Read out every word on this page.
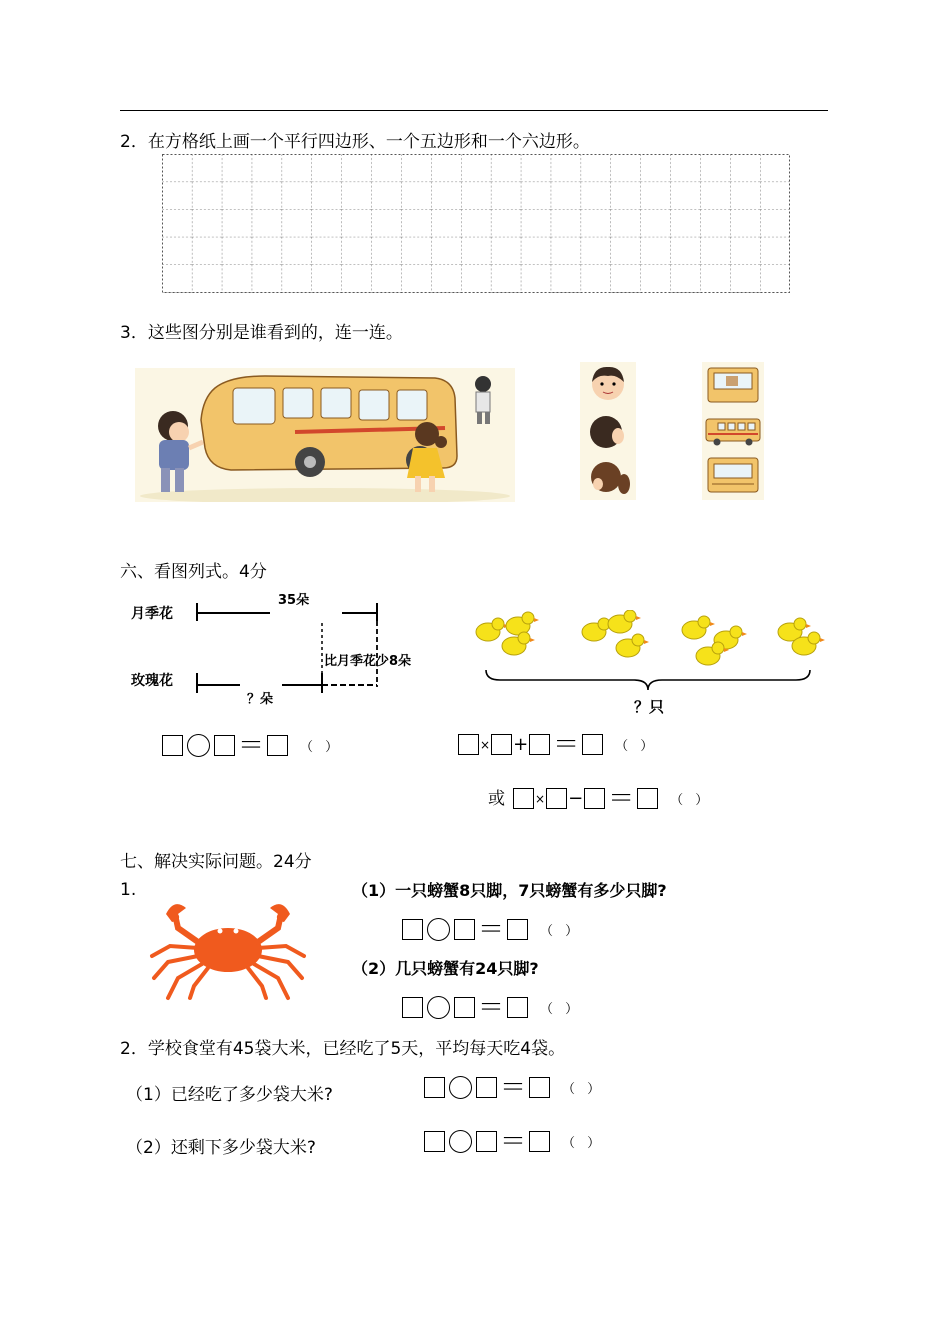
2．在方格纸上画一个平行四边形、一个五边形和一个六边形。
3．这些图分别是谁看到的，连一连。
六、看图列式。4分
月季花
35朵
玫瑰花
？朵
比月季花少8朵
？只
＝	（ ）	× + ＝	（ ）
或	× − ＝	（ ）
七、解决实际问题。24分
1.	（1）一只螃蟹8只脚，7只螃蟹有多少只脚?
＝	（ ）
（2）几只螃蟹有24只脚?
＝	（ ）
2．学校食堂有45袋大米，已经吃了5天，平均每天吃4袋。
（1）已经吃了多少袋大米?	＝	（ ）
（2）还剩下多少袋大米?	＝	（ ）
